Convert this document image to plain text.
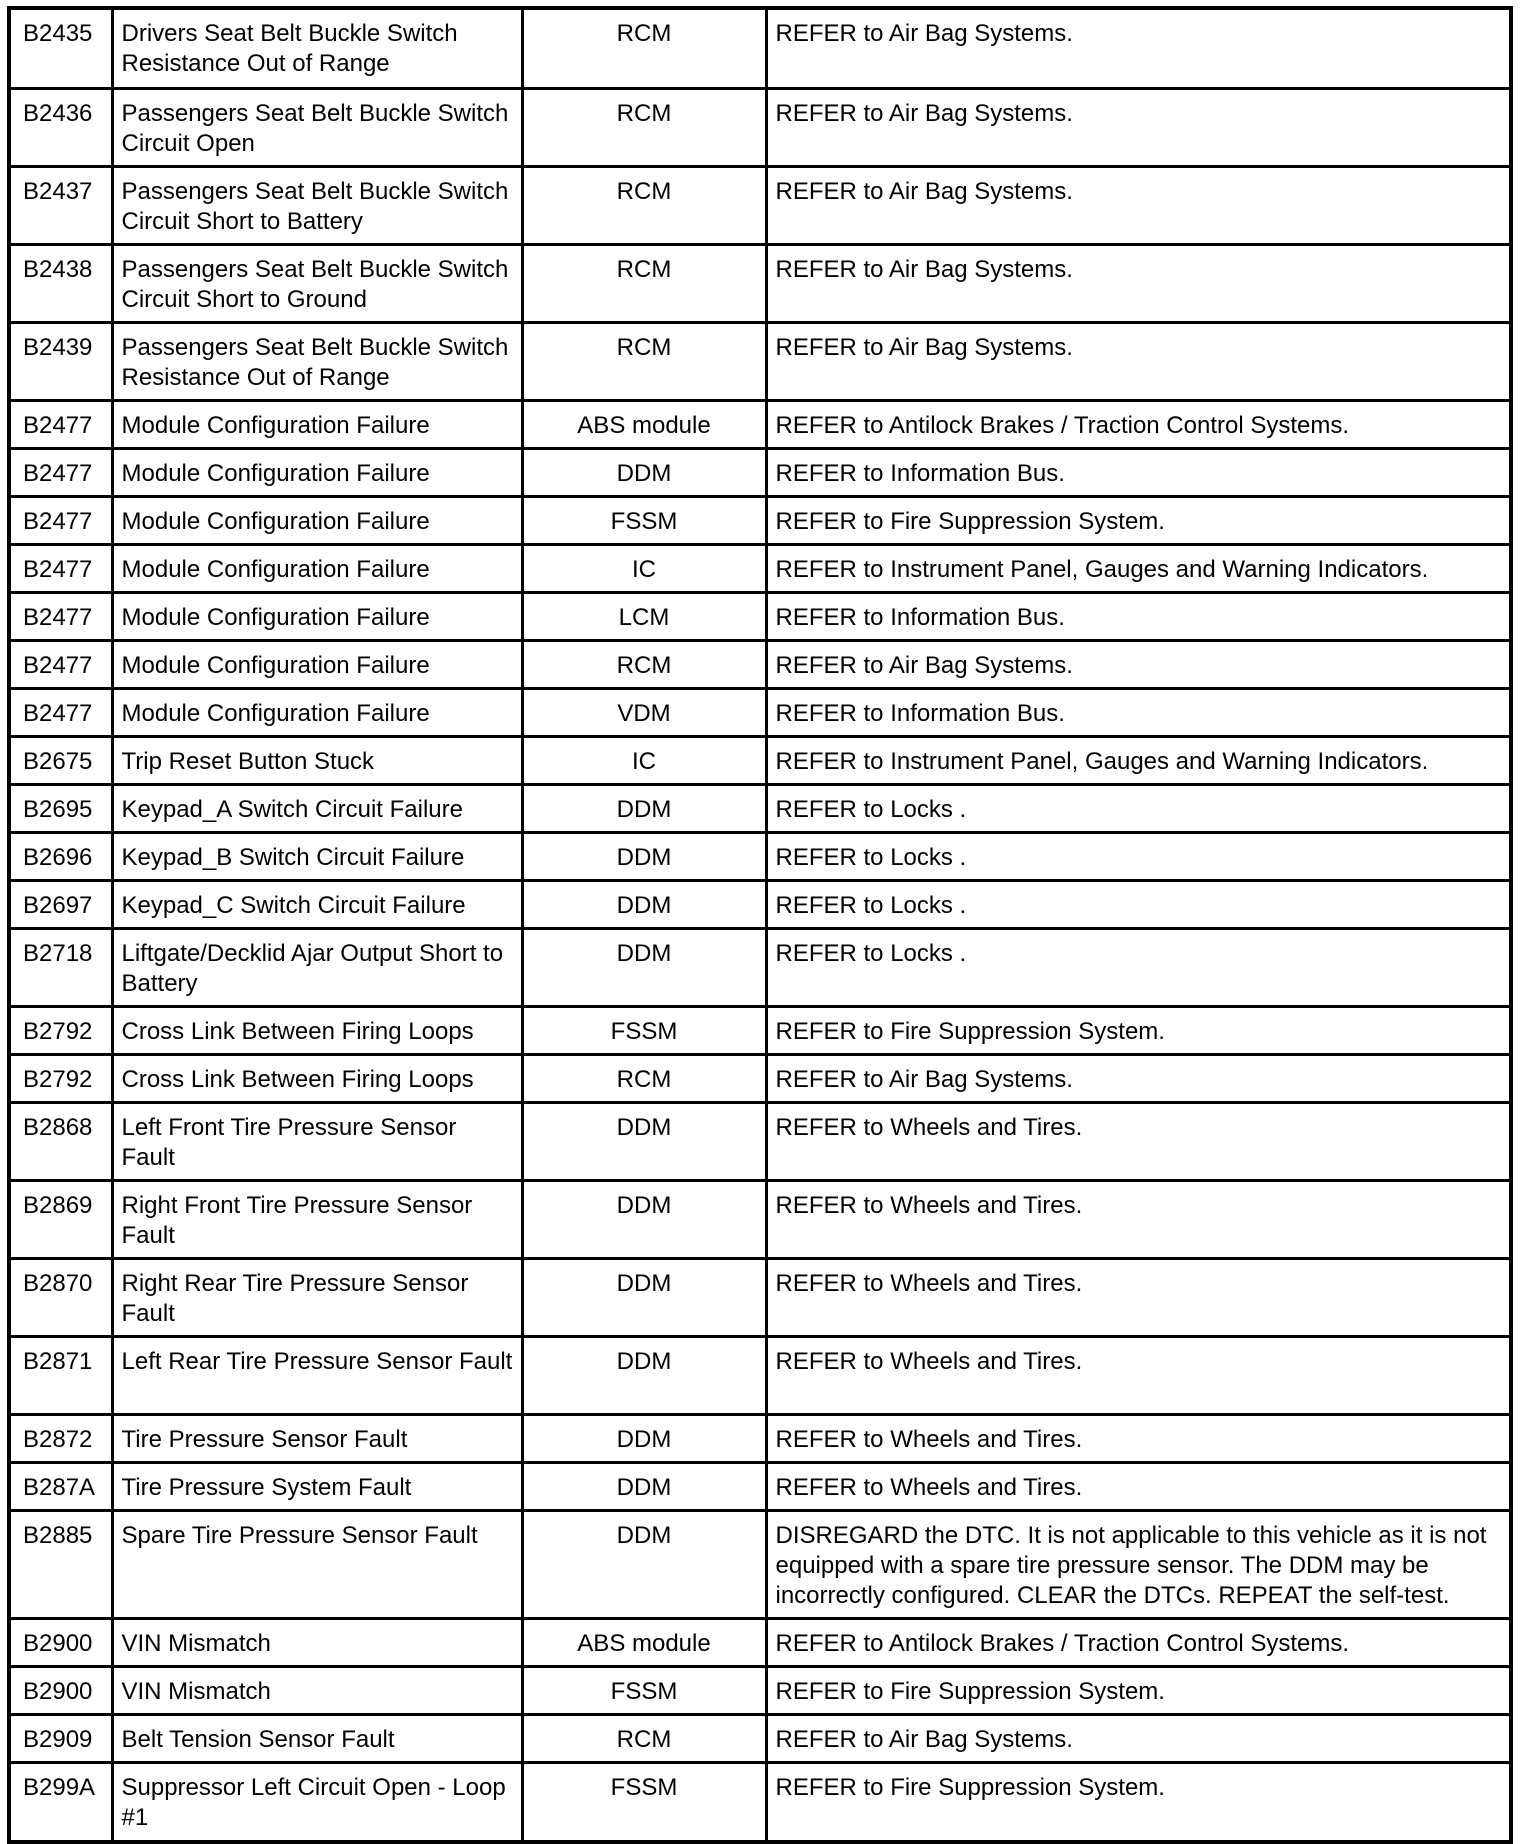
B2435	Drivers Seat Belt Buckle Switch Resistance Out of Range	RCM	REFER to Air Bag Systems.
B2436	Passengers Seat Belt Buckle Switch Circuit Open	RCM	REFER to Air Bag Systems.
B2437	Passengers Seat Belt Buckle Switch Circuit Short to Battery	RCM	REFER to Air Bag Systems.
B2438	Passengers Seat Belt Buckle Switch Circuit Short to Ground	RCM	REFER to Air Bag Systems.
B2439	Passengers Seat Belt Buckle Switch Resistance Out of Range	RCM	REFER to Air Bag Systems.
B2477	Module Configuration Failure	ABS module	REFER to Antilock Brakes / Traction Control Systems.
B2477	Module Configuration Failure	DDM	REFER to Information Bus.
B2477	Module Configuration Failure	FSSM	REFER to Fire Suppression System.
B2477	Module Configuration Failure	IC	REFER to Instrument Panel, Gauges and Warning Indicators.
B2477	Module Configuration Failure	LCM	REFER to Information Bus.
B2477	Module Configuration Failure	RCM	REFER to Air Bag Systems.
B2477	Module Configuration Failure	VDM	REFER to Information Bus.
B2675	Trip Reset Button Stuck	IC	REFER to Instrument Panel, Gauges and Warning Indicators.
B2695	Keypad_A Switch Circuit Failure	DDM	REFER to Locks .
B2696	Keypad_B Switch Circuit Failure	DDM	REFER to Locks .
B2697	Keypad_C Switch Circuit Failure	DDM	REFER to Locks .
B2718	Liftgate/Decklid Ajar Output Short to Battery	DDM	REFER to Locks .
B2792	Cross Link Between Firing Loops	FSSM	REFER to Fire Suppression System.
B2792	Cross Link Between Firing Loops	RCM	REFER to Air Bag Systems.
B2868	Left Front Tire Pressure Sensor Fault	DDM	REFER to Wheels and Tires.
B2869	Right Front Tire Pressure Sensor Fault	DDM	REFER to Wheels and Tires.
B2870	Right Rear Tire Pressure Sensor Fault	DDM	REFER to Wheels and Tires.
B2871	Left Rear Tire Pressure Sensor Fault	DDM	REFER to Wheels and Tires.
B2872	Tire Pressure Sensor Fault	DDM	REFER to Wheels and Tires.
B287A	Tire Pressure System Fault	DDM	REFER to Wheels and Tires.
B2885	Spare Tire Pressure Sensor Fault	DDM	DISREGARD the DTC. It is not applicable to this vehicle as it is not equipped with a spare tire pressure sensor. The DDM may be incorrectly configured. CLEAR the DTCs. REPEAT the self-test.
B2900	VIN Mismatch	ABS module	REFER to Antilock Brakes / Traction Control Systems.
B2900	VIN Mismatch	FSSM	REFER to Fire Suppression System.
B2909	Belt Tension Sensor Fault	RCM	REFER to Air Bag Systems.
B299A	Suppressor Left Circuit Open - Loop #1	FSSM	REFER to Fire Suppression System.
